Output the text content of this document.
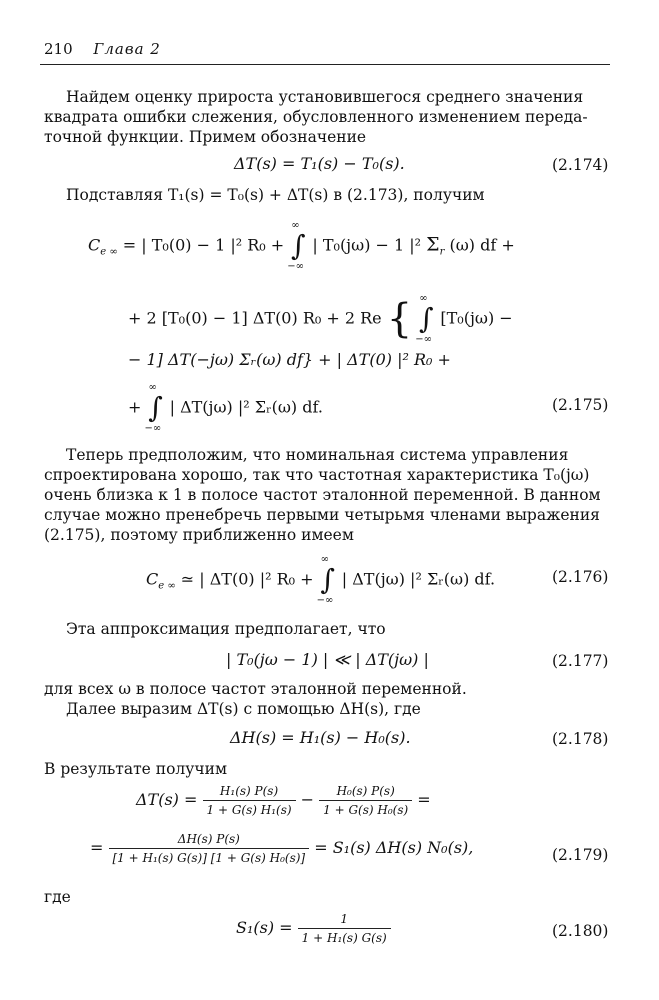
210 Глава 2
Найдем оценку прироста установившегося среднего значения
квадрата ошибки слежения, обусловленного изменением переда-
точной функции. Примем обозначение
ΔT(s) = T₁(s) − T₀(s).	(2.174)
Подставляя T₁(s) = T₀(s) + ΔT(s) в (2.173), получим
$C_{e \infty}$ = | T₀(0) − 1 |² R₀ +
∞
∫
−∞
| T₀(jω) − 1 |² $\Sigma_r$ (ω) df +
+ 2 [T₀(0) − 1] ΔT(0) R₀ + 2 Re { ∞
∫
−∞
[T₀(jω) −
− 1] ΔT(−jω) Σᵣ(ω) df} + | ΔT(0) |² R₀ +
+
∞
∫
−∞
| ΔT(jω) |² Σᵣ(ω) df.	(2.175)
Теперь предположим, что номинальная система управления
спроектирована хорошо, так что частотная характеристика T₀(jω)
очень близка к 1 в полосе частот эталонной переменной. В данном
случае можно пренебречь первыми четырьмя членами выражения
(2.175), поэтому приближенно имеем
$C_{e \infty}$ ≃ | ΔT(0) |² R₀ +
∞
∫
−∞
| ΔT(jω) |² Σᵣ(ω) df.	(2.176)
Эта аппроксимация предполагает, что
| T₀(jω − 1) | ≪ | ΔT(jω) |	(2.177)
для всех ω в полосе частот эталонной переменной.
Далее выразим ΔT(s) с помощью ΔH(s), где
ΔH(s) = H₁(s) − H₀(s).	(2.178)
В результате получим
$\Delta T(s) = \frac{\text{H₁(s) P(s)}}{\text{1 + G(s) H₁(s)}} - \frac{\text{H₀(s) P(s)}}{\text{1 + G(s) H₀(s)}}$ =
= $\frac{\Delta H(s) P(s)}{\text{[1 + H₁(s) G(s)] [1 + G(s) H₀(s)]}} = S_1(s)$ ΔH(s) N₀(s),	(2.179)
где
$S_1(s) = \frac{1}{\text{1 + H₁(s) G(s)}}$	(2.180)
